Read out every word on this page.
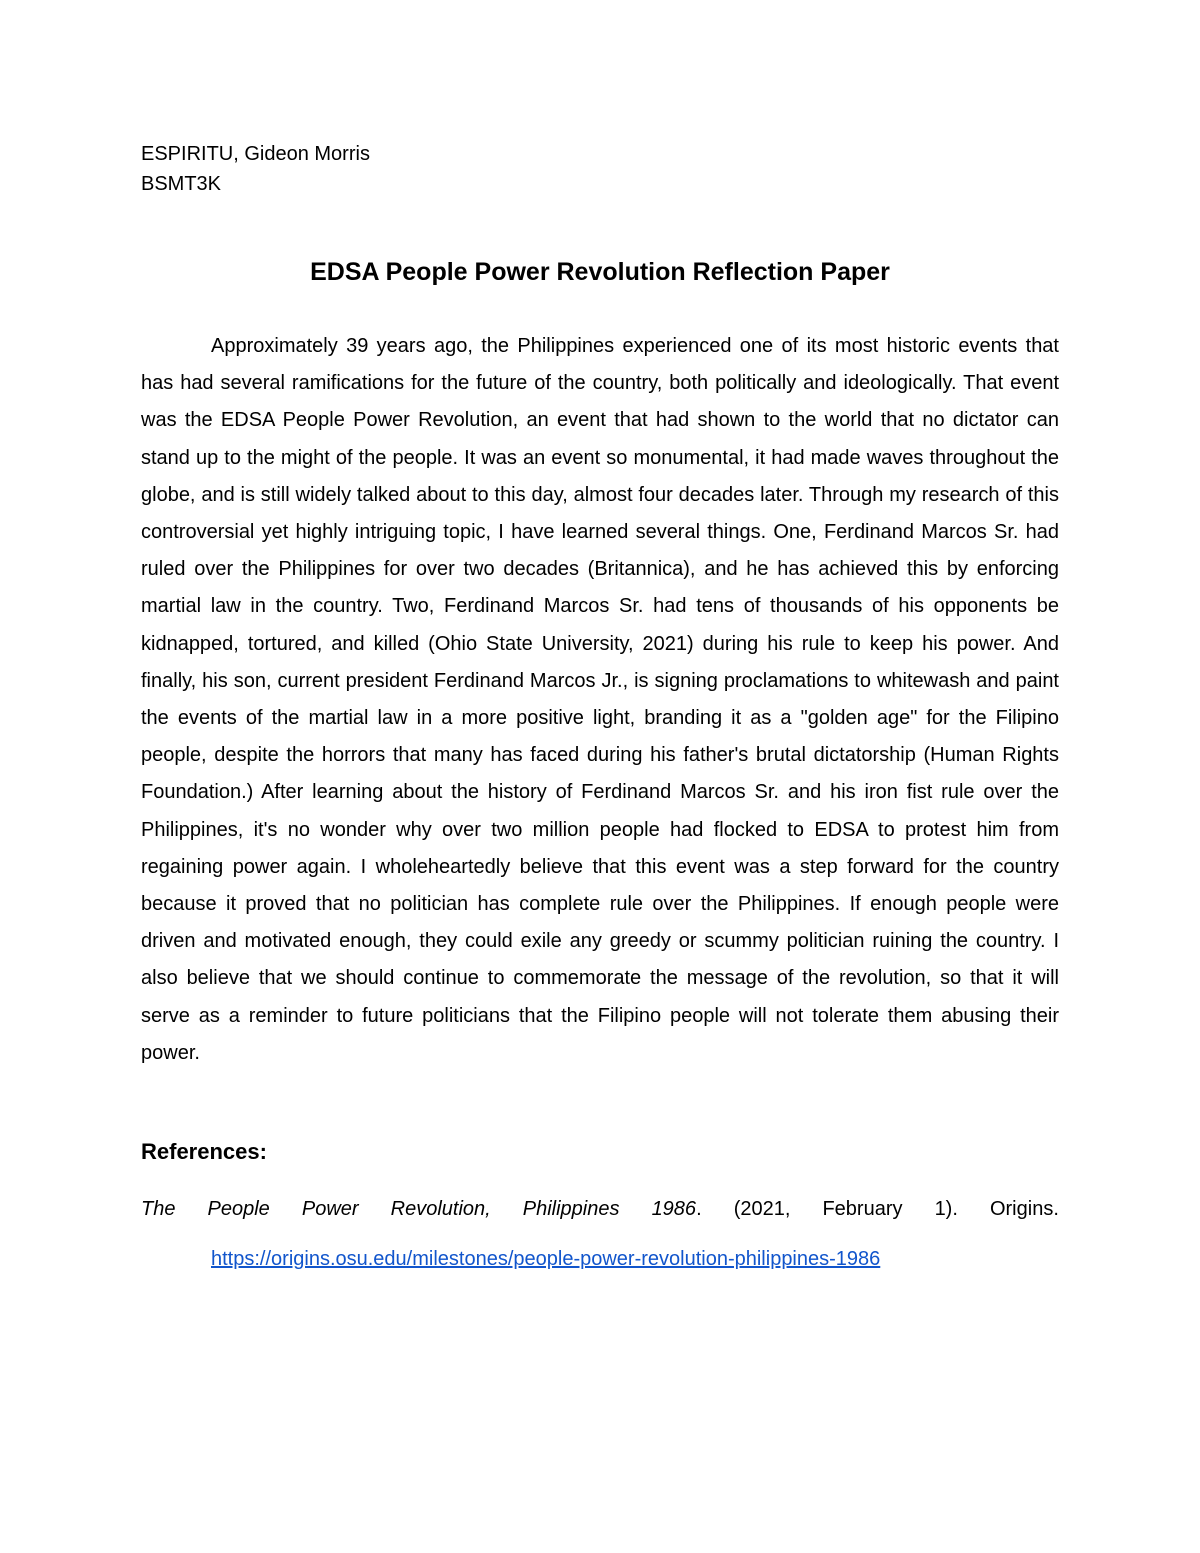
ESPIRITU, Gideon Morris
BSMT3K
EDSA People Power Revolution Reflection Paper

Approximately 39 years ago, the Philippines experienced one of its most historic events that has had several ramifications for the future of the country, both politically and ideologically. That event was the EDSA People Power Revolution, an event that had shown to the world that no dictator can stand up to the might of the people. It was an event so monumental, it had made waves throughout the globe, and is still widely talked about to this day, almost four decades later. Through my research of this controversial yet highly intriguing topic, I have learned several things. One, Ferdinand Marcos Sr. had ruled over the Philippines for over two decades (Britannica), and he has achieved this by enforcing martial law in the country. Two, Ferdinand Marcos Sr. had tens of thousands of his opponents be kidnapped, tortured, and killed (Ohio State University, 2021) during his rule to keep his power. And finally, his son, current president Ferdinand Marcos Jr., is signing proclamations to whitewash and paint the events of the martial law in a more positive light, branding it as a "golden age" for the Filipino people, despite the horrors that many has faced during his father's brutal dictatorship (Human Rights Foundation.) After learning about the history of Ferdinand Marcos Sr. and his iron fist rule over the Philippines, it's no wonder why over two million people had flocked to EDSA to protest him from regaining power again. I wholeheartedly believe that this event was a step forward for the country because it proved that no politician has complete rule over the Philippines. If enough people were driven and motivated enough, they could exile any greedy or scummy politician ruining the country. I also believe that we should continue to commemorate the message of the revolution, so that it will serve as a reminder to future politicians that the Filipino people will not tolerate them abusing their power.

References:
The People Power Revolution, Philippines 1986. (2021, February 1). Origins.
https://origins.osu.edu/milestones/people-power-revolution-philippines-1986
